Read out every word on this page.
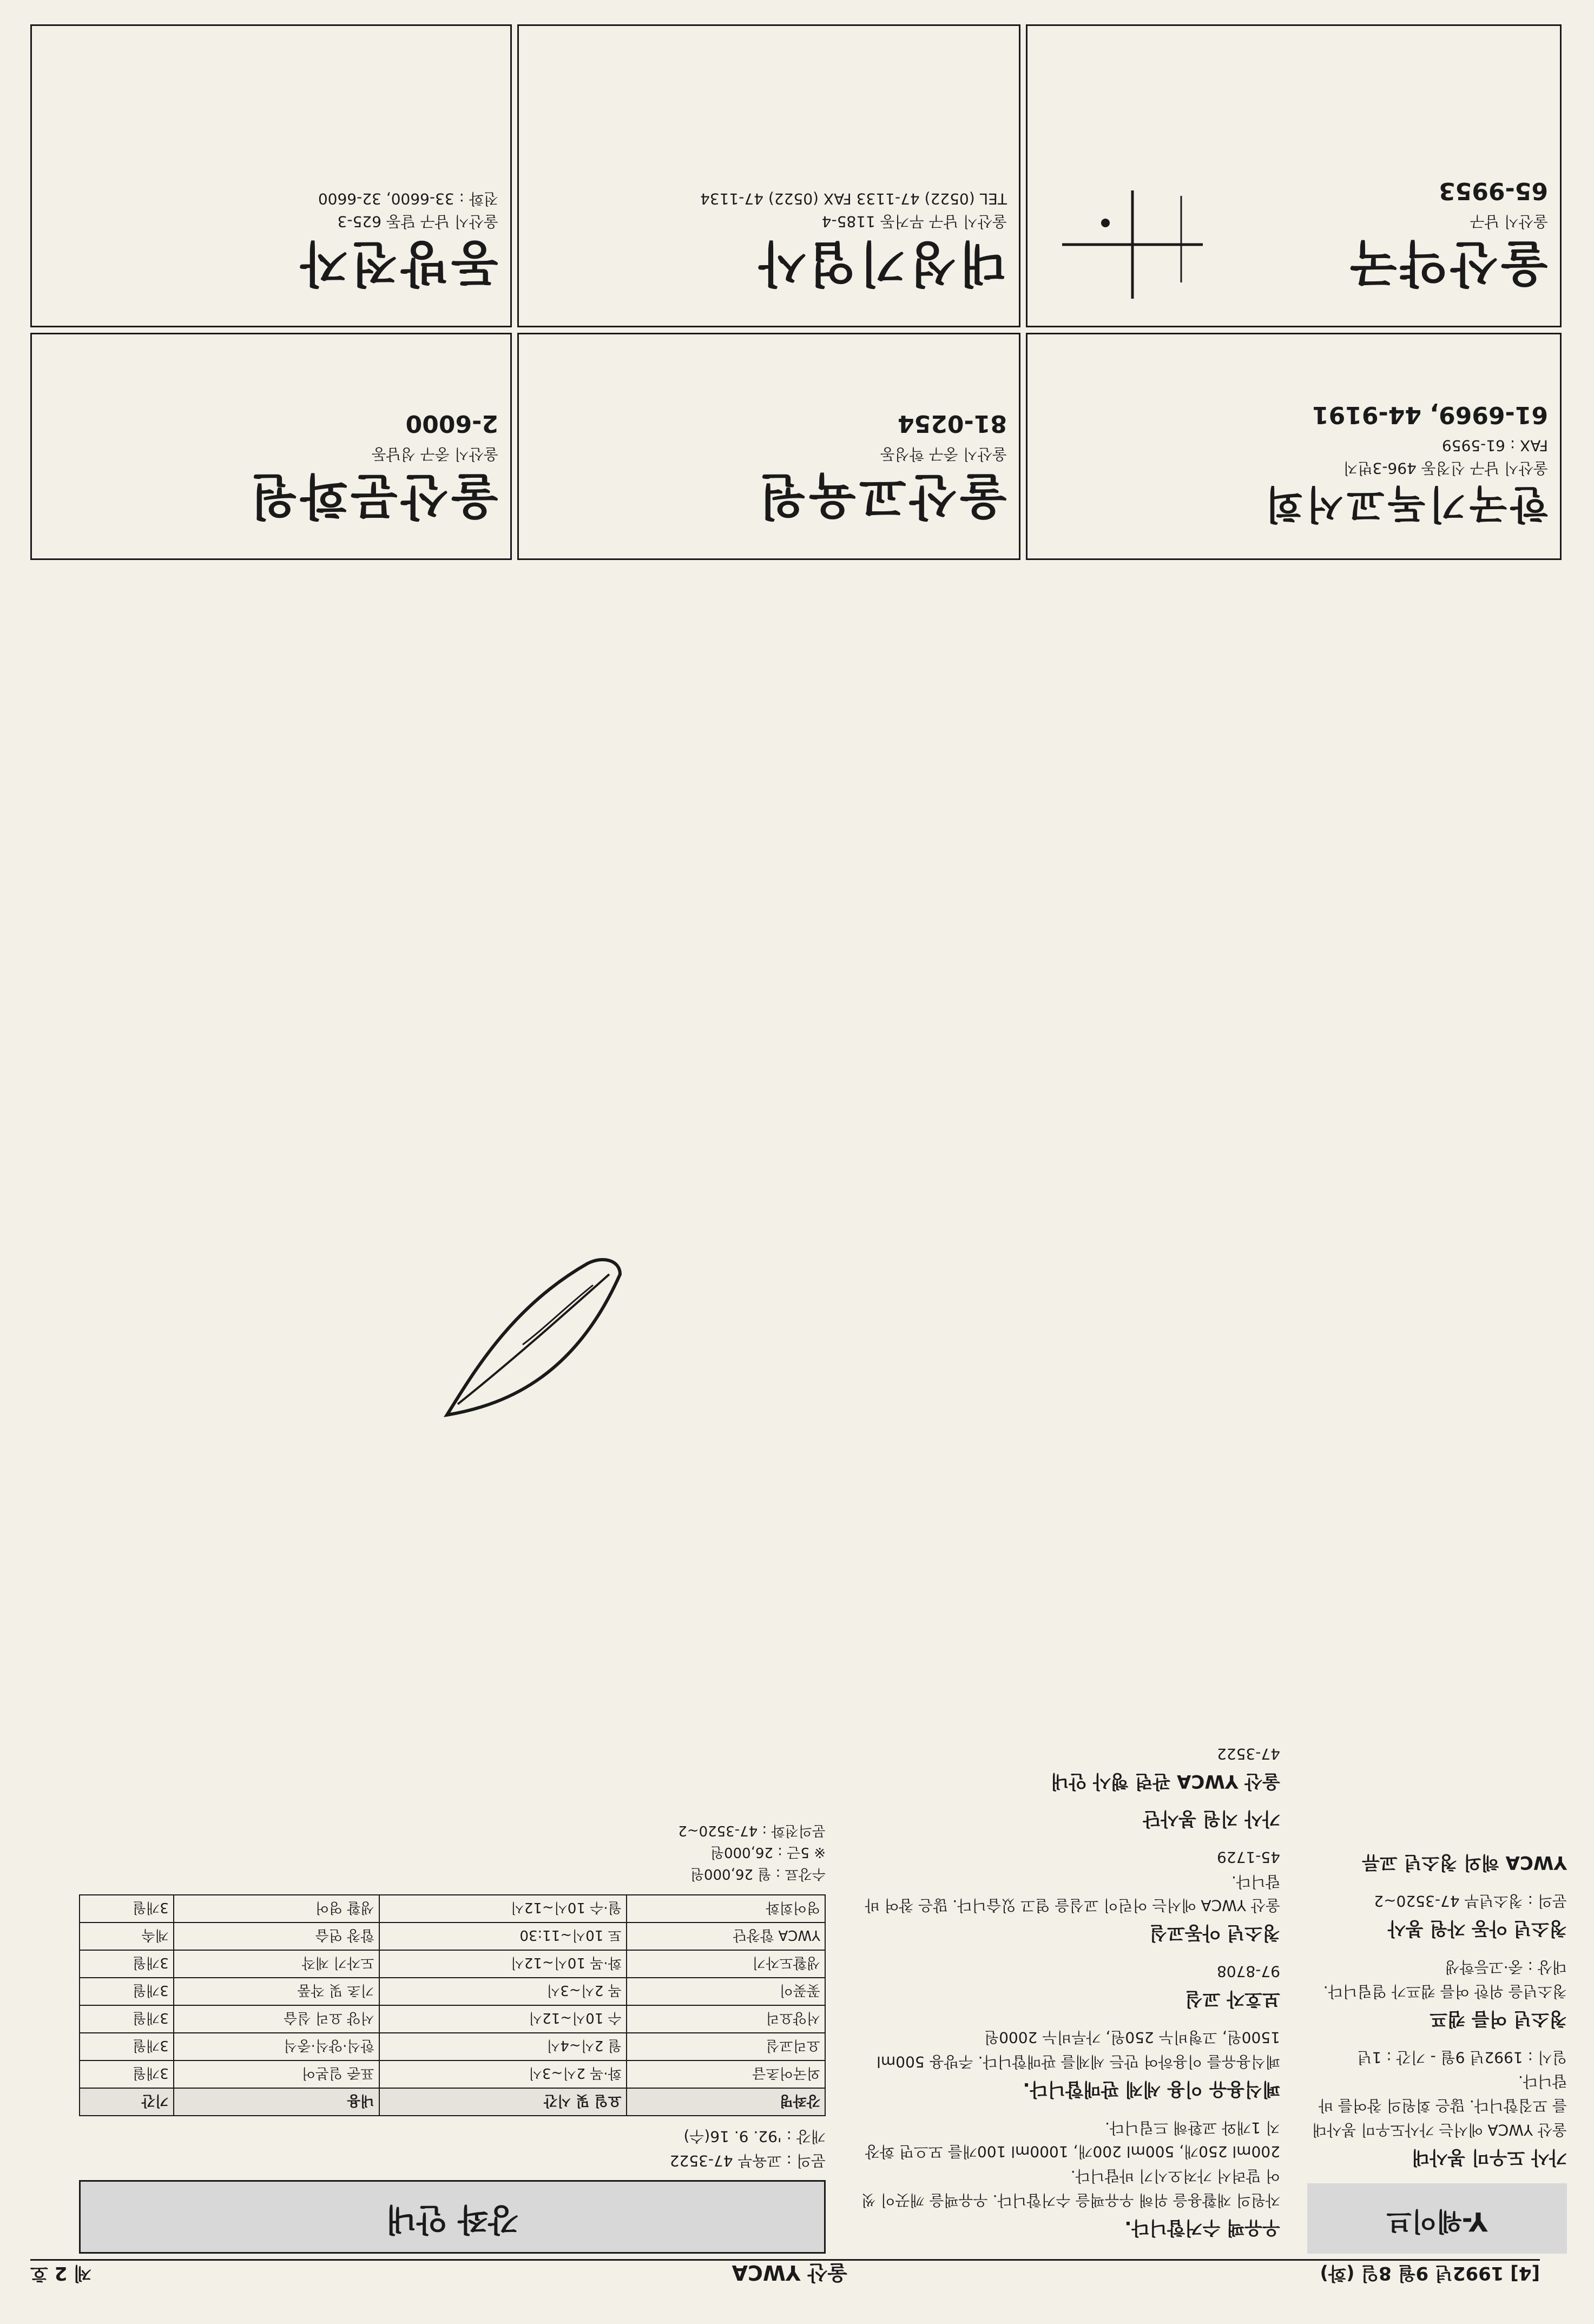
[4] 1992년 9월 8일 (화)
울산 YWCA
제 2 호
강좌 안내
문의 : 교육부 47-3522
개강 : '92. 9. 16(수)
강좌명	요일 및 시간	내용	기간
외국어초급	화·목 2시~3시	표준 일본어	3개월
요리교실	월 2시~4시	한식·양식·중식	3개월
서양요리	수 10시~12시	서양 요리 실습	3개월
꽃꽂이	목 2시~3시	기초 및 작품	3개월
생활도자기	화·목 10시~12시	도자기 제작	3개월
YWCA 합창단	토 10시~11:30	합창 연습	계속
영어회화	월·수 10시~12시	생활 영어	3개월
수강료 : 월 26,000원
※ 5근 : 26,000원
문의전화 : 47-3520~2
우유팩 수거합니다.
자원의 재활용을 위해 우유팩을 수거합니다. 우유팩을 깨끗이 씻어 말려서 가져오시기 바랍니다.
200ml 250개, 500ml 200개, 1000ml 100개를 모으면 화장지 1개와 교환해 드립니다.
폐식용유 이용 세제 판매합니다.
폐식용유를 이용하여 만든 세제를 판매합니다. 주방용 500ml 1500원, 고형비누 250원, 가루비누 2000원
보호자 교실
97-8708
청소년 아동교실
울산 YWCA 에서는 어린이 교실을 열고 있습니다. 많은 참여 바랍니다.
45-1729
가사 지원 봉사단
울산 YWCA 관련 행사 안내
47-3522
Y-웨이브
가사 도우미 봉사대
울산 YWCA 에서는 가사도우미 봉사대를 모집합니다. 많은 회원의 참여를 바랍니다.
일시 : 1992년 9월 - 기간 : 1년
청소년 여름 캠프
청소년을 위한 여름 캠프가 열립니다. 대상 : 중·고등학생
청소년 아동 자원 봉사
문의 : 청소년부 47-3520~2
YWCA 해외 청소년 교류
울산문화원
울산시 중구 성남동
2-6000
울산교육원
울산시 중구 학성동
81-0254
한국기독교서회
울산시 남구 신정동 496-3번지
FAX : 61-5959
61-6969, 44-9191
동방전자
울산시 남구 달동 625-3
전화 : 33-6600, 32-6600
대성기업사
울산시 남구 무거동 1185-4
TEL (0522) 47-1133 FAX (0522) 47-1134
울산약국
울산시 남구
65-9953
